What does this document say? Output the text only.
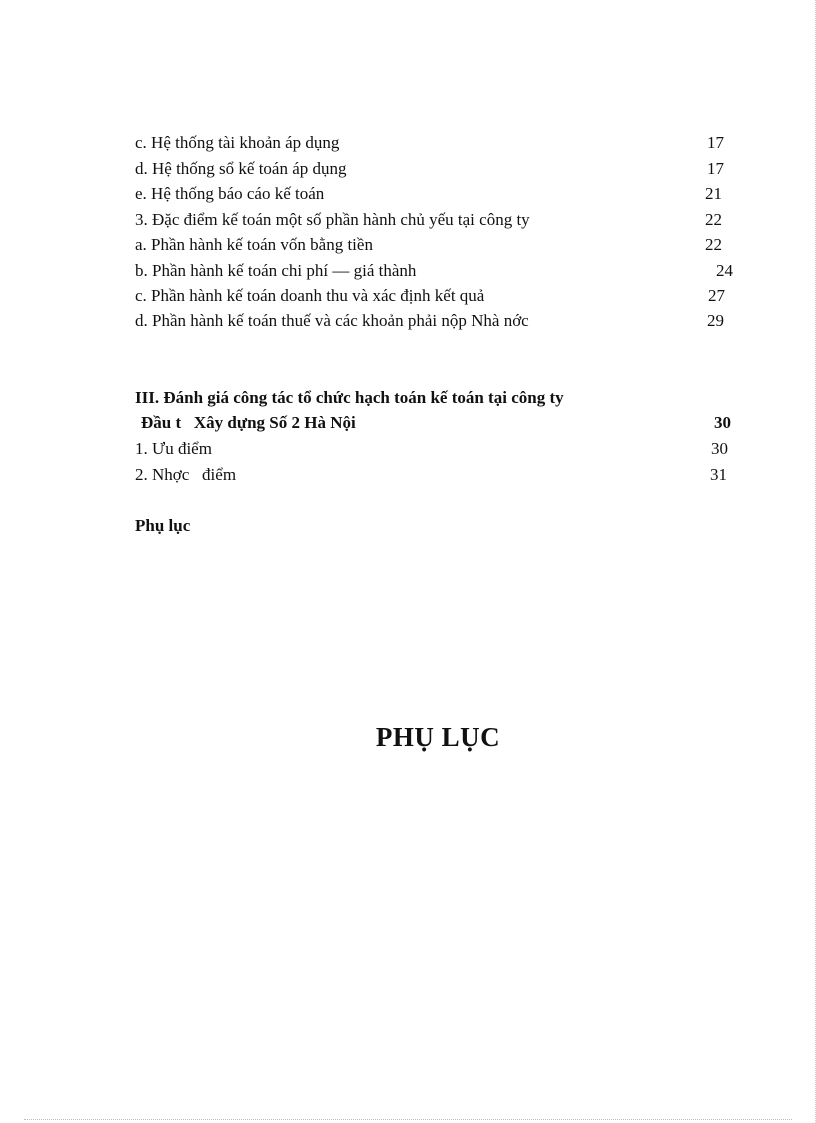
c. Hệ thống tài khoản áp dụng	17
d. Hệ thống sổ kế toán áp dụng	17
e. Hệ thống báo cáo kế toán	21
3. Đặc điểm kế toán một số phần hành chủ yếu tại công ty	22
a. Phần hành kế toán vốn bằng tiền	22
b. Phần hành kế toán chi phí — giá thành	24
c. Phần hành kế toán doanh thu và xác định kết quả	27
d. Phần hành kế toán thuế và các khoản phải nộp Nhà nớc	29
III. Đánh giá công tác tổ chức hạch toán kế toán tại công ty
Đầu t   Xây dựng Số 2 Hà Nội	30
1. Ưu điểm	30
2. Nhợc   điểm	31
Phụ lục
PHỤ LỤC
